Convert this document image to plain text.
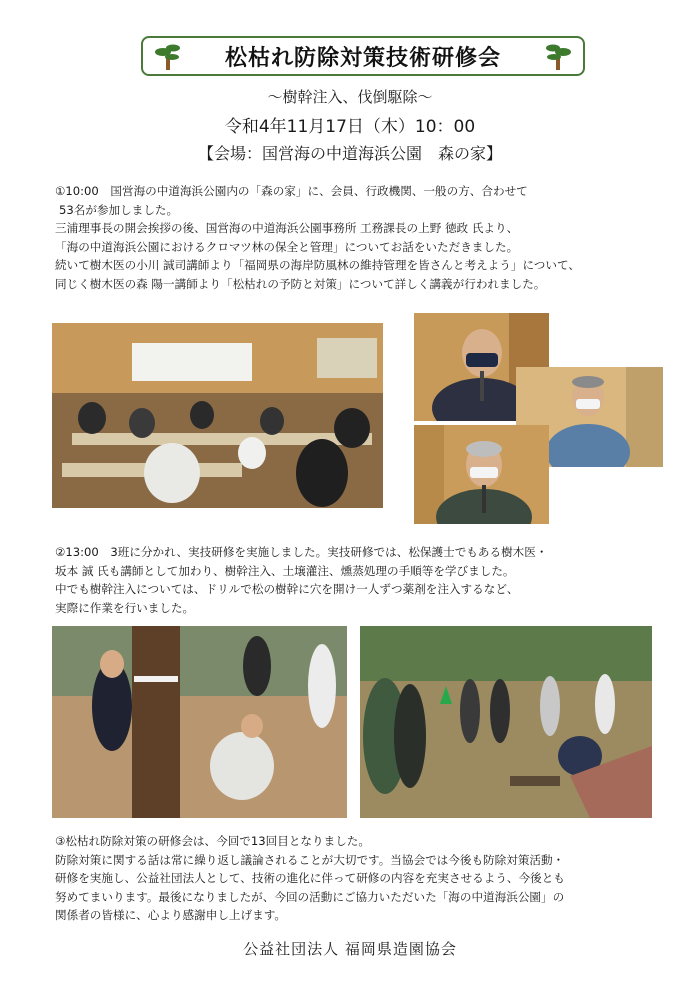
松枯れ防除対策技術研修会
～樹幹注入、伐倒駆除～
令和4年11月17日（木）10：00
【会場：国営海の中道海浜公園　森の家】
①10:00　国営海の中道海浜公園内の「森の家」に、会員、行政機関、一般の方、合わせて
53名が参加しました。
三浦理事長の開会挨拶の後、国営海の中道海浜公園事務所 工務課長の上野 徳政 氏より、
「海の中道海浜公園におけるクロマツ林の保全と管理」についてお話をいただきました。
続いて樹木医の小川 誠司講師より「福岡県の海岸防風林の維持管理を皆さんと考えよう」について、
同じく樹木医の森 陽一講師より「松枯れの予防と対策」について詳しく講義が行われました。
②13:00　3班に分かれ、実技研修を実施しました。実技研修では、松保護士でもある樹木医・
坂本 誠 氏も講師として加わり、樹幹注入、土壌灌注、燻蒸処理の手順等を学びました。
中でも樹幹注入については、ドリルで松の樹幹に穴を開け一人ずつ薬剤を注入するなど、
実際に作業を行いました。
③松枯れ防除対策の研修会は、今回で13回目となりました。
防除対策に関する話は常に繰り返し議論されることが大切です。当協会では今後も防除対策活動・
研修を実施し、公益社団法人として、技術の進化に伴って研修の内容を充実させるよう、今後とも
努めてまいります。最後になりましたが、今回の活動にご協力いただいた「海の中道海浜公園」の
関係者の皆様に、心より感謝申し上げます。
公益社団法人 福岡県造園協会
